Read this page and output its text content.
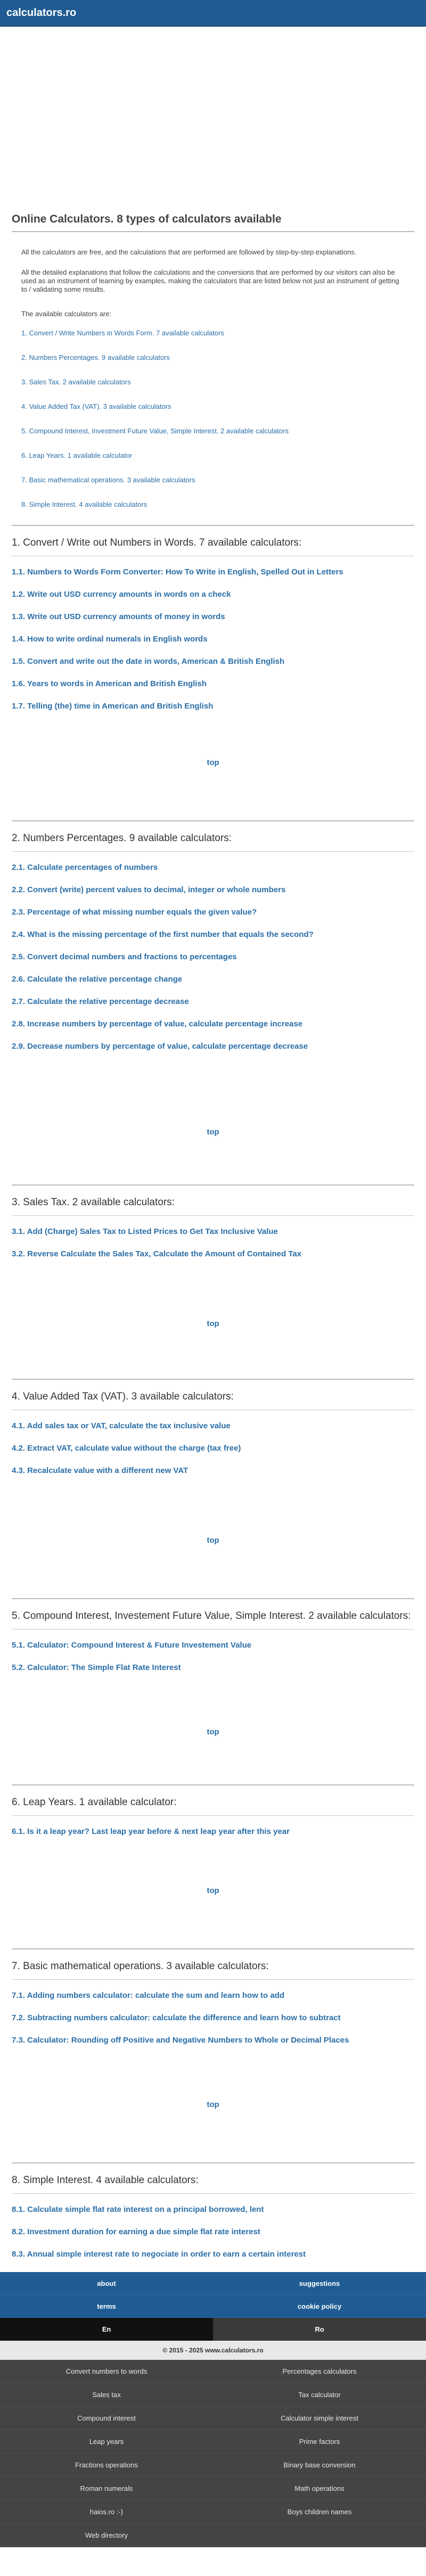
calculators.ro
Online Calculators. 8 types of calculators available

All the calculators are free, and the calculations that are performed are followed by step-by-step explanations.

All the detailed explanations that follow the calculations and the conversions that are performed by our visitors can also be used as an instrument of learning by examples, making the calculators that are listed below not just an instrument of getting to / validating some results.

The available calculators are:

1. Convert / Write Numbers in Words Form. 7 available calculators
2. Numbers Percentages. 9 available calculators
3. Sales Tax. 2 available calculators
4. Value Added Tax (VAT). 3 available calculators
5. Compound Interest, Investment Future Value, Simple Interest. 2 available calculators
6. Leap Years. 1 available calculator
7. Basic mathematical operations. 3 available calculators
8. Simple Interest. 4 available calculators
1. Convert / Write out Numbers in Words. 7 available calculators:
1.1. Numbers to Words Form Converter: How To Write in English, Spelled Out in Letters
1.2. Write out USD currency amounts in words on a check
1.3. Write out USD currency amounts of money in words
1.4. How to write ordinal numerals in English words
1.5. Convert and write out the date in words, American & British English
1.6. Years to words in American and British English
1.7. Telling (the) time in American and British English
top
2. Numbers Percentages. 9 available calculators:
2.1. Calculate percentages of numbers
2.2. Convert (write) percent values to decimal, integer or whole numbers
2.3. Percentage of what missing number equals the given value?
2.4. What is the missing percentage of the first number that equals the second?
2.5. Convert decimal numbers and fractions to percentages
2.6. Calculate the relative percentage change
2.7. Calculate the relative percentage decrease
2.8. Increase numbers by percentage of value, calculate percentage increase
2.9. Decrease numbers by percentage of value, calculate percentage decrease
top
3. Sales Tax. 2 available calculators:
3.1. Add (Charge) Sales Tax to Listed Prices to Get Tax Inclusive Value
3.2. Reverse Calculate the Sales Tax, Calculate the Amount of Contained Tax
top
4. Value Added Tax (VAT). 3 available calculators:
4.1. Add sales tax or VAT, calculate the tax inclusive value
4.2. Extract VAT, calculate value without the charge (tax free)
4.3. Recalculate value with a different new VAT
top
5. Compound Interest, Investement Future Value, Simple Interest. 2 available calculators:
5.1. Calculator: Compound Interest & Future Investement Value
5.2. Calculator: The Simple Flat Rate Interest
top
6. Leap Years. 1 available calculator:
6.1. Is it a leap year? Last leap year before & next leap year after this year
top
7. Basic mathematical operations. 3 available calculators:
7.1. Adding numbers calculator: calculate the sum and learn how to add
7.2. Subtracting numbers calculator: calculate the difference and learn how to subtract
7.3. Calculator: Rounding off Positive and Negative Numbers to Whole or Decimal Places
top
8. Simple Interest. 4 available calculators:
8.1. Calculate simple flat rate interest on a principal borrowed, lent
8.2. Investment duration for earning a due simple flat rate interest
8.3. Annual simple interest rate to negociate in order to earn a certain interest
about	suggestions
terms	cookie policy
En	Ro
© 2015 - 2025 www.calculators.ro
Convert numbers to words	Percentages calculators
Sales tax	Tax calculator
Compound interest	Calculator simple interest
Leap years	Prime factors
Fractions operations	Binary base conversion
Roman numerals	Math operations
haios.ro :-)	Boys children names
Web directory
